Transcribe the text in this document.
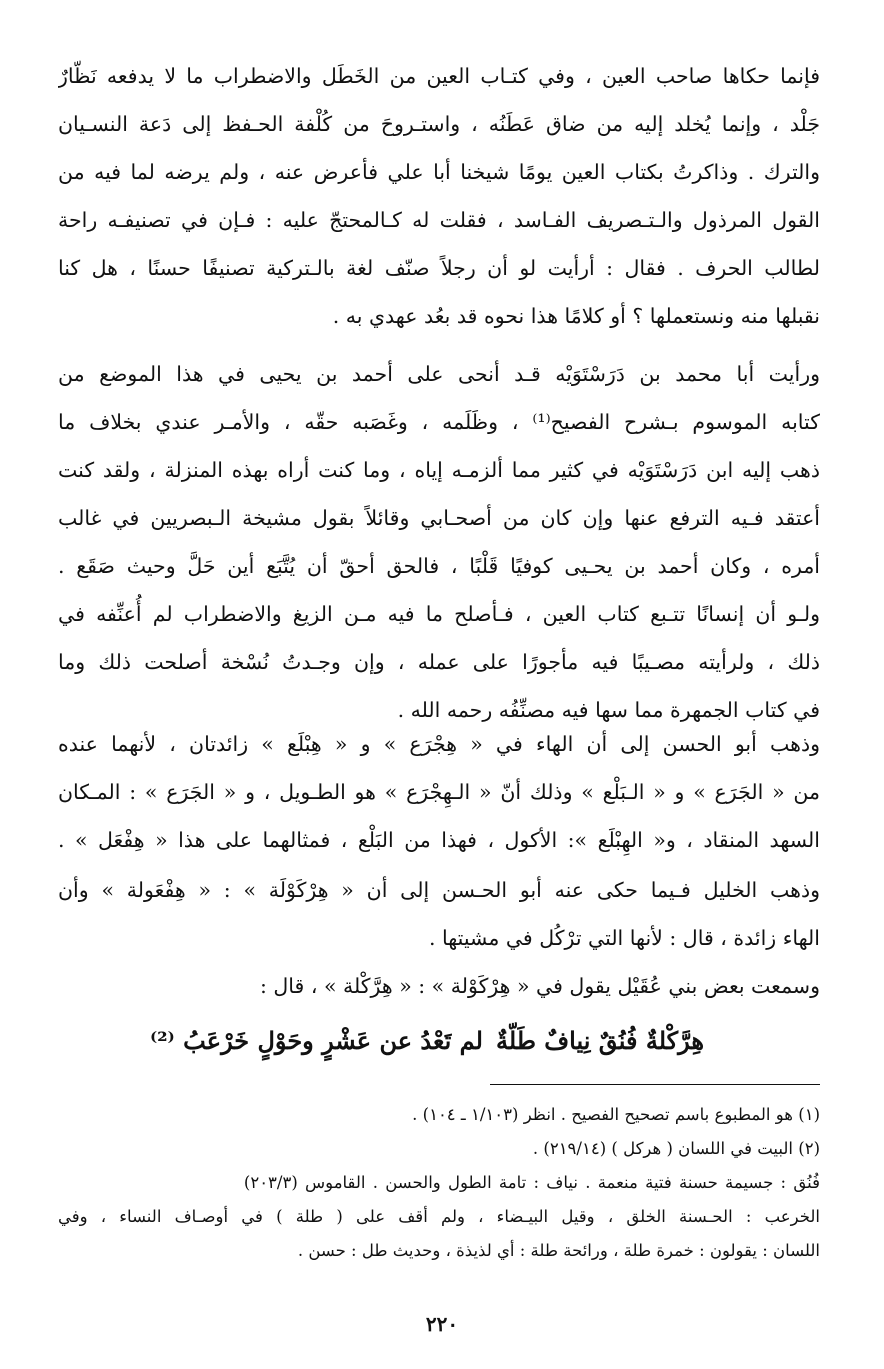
فإنما حكاها صاحب العين ، وفي كتـاب العين من الخَطَل والاضطراب ما لا يدفعه نَظّارٌ
جَلْد ، وإنما يُخلد إليه من ضاق عَطَنُه ، واستـروحَ من كُلْفة الحـفظ إلى دَعة النسـيان
والترك . وذاكرتُ بكتاب العين يومًا شيخنا أبا علي فأعرض عنه ، ولم يرضه لما فيه من
القول المرذول والـتـصريف الفـاسد ، فقلت له كـالمحتجّ عليه : فـإن في تصنيفـه راحة
لطالب الحرف . فقال : أرأيت لو أن رجلاً صنّف لغة بالـتركية تصنيفًا حسنًا ، هل كنا
نقبلها منه ونستعملها ؟ أو كلامًا هذا نحوه قد بعُد عهدي به .
ورأيت أبا محمد بن دَرَسْتَوَيْه قـد أنحى على أحمد بن يحيى في هذا الموضع من
كتابه الموسوم بـشرح الفصيح⁽¹⁾ ، وظَلَمه ، وغَصَبه حقّه ، والأمـر عندي بخلاف ما
ذهب إليه ابن دَرَسْتَوَيْه في كثير مما ألزمـه إياه ، وما كنت أراه بهذه المنزلة ، ولقد كنت
أعتقد فـيه الترفع عنها وإن كان من أصحـابي وقائلاً بقول مشيخة الـبصريين في غالب
أمره ، وكان أحمد بن يحـيى كوفيًا قَلْبًا ، فالحق أحقّ أن يُتَّبَع أين حَلَّ وحيث صَقَع .
ولـو أن إنسانًا تتـبع كتاب العين ، فـأصلح ما فيه مـن الزيغ والاضطراب لم أُعنِّفه في
ذلك ، ولرأيته مصـيبًا فيه مأجورًا على عمله ، وإن وجـدتُ نُسْخة أصلحت ذلك وما
في كتاب الجمهرة مما سها فيه مصنِّفُه رحمه الله .
وذهب أبو الحسن إلى أن الهاء في « هِجْرَع » و « هِبْلَع » زائدتان ، لأنهما عنده
من « الجَرَع » و « الـبَلْع » وذلك أنّ « الـهِجْرَع » هو الطـويل ، و « الجَرَع » : المـكان
السهد المنقاد ، و« الهِبْلَع »: الأكول ، فهذا من البَلْع ، فمثالهما على هذا « هِفْعَل » .
وذهب الخليل فـيما حكى عنه أبو الحـسن إلى أن « هِرْكَوْلَة » : « هِفْعَولة » وأن
الهاء زائدة ، قال : لأنها التي ترْكُل في مشيتها .
وسمعت بعض بني عُقَيْل يقول في « هِرْكَوْلة » : « هِرَّكْلة » ، قال :
هِرَّكْلةٌ فُنُقٌ نِيافٌ طَلّةٌ
لم تَعْدُ عن عَشْرٍ وحَوْلٍ خَرْعَبُ ⁽²⁾
(١) هو المطبوع باسم تصحيح الفصيح . انظر (١/١٠٣ ـ ١٠٤) .
(٢) البيت في اللسان ( هركل ) (٢١٩/١٤) .
فُنُق : جسيمة حسنة فتية منعمة . نياف : تامة الطول والحسن . القاموس (٢٠٣/٣)
الخرعب : الحـسنة الخلق ، وقيل البيـضاء ، ولم أقف على ( طلة ) في أوصـاف النساء ، وفي
اللسان : يقولون : خمرة طلة ، ورائحة طلة : أي لذيذة ، وحديث طل : حسن .
٢٢٠
